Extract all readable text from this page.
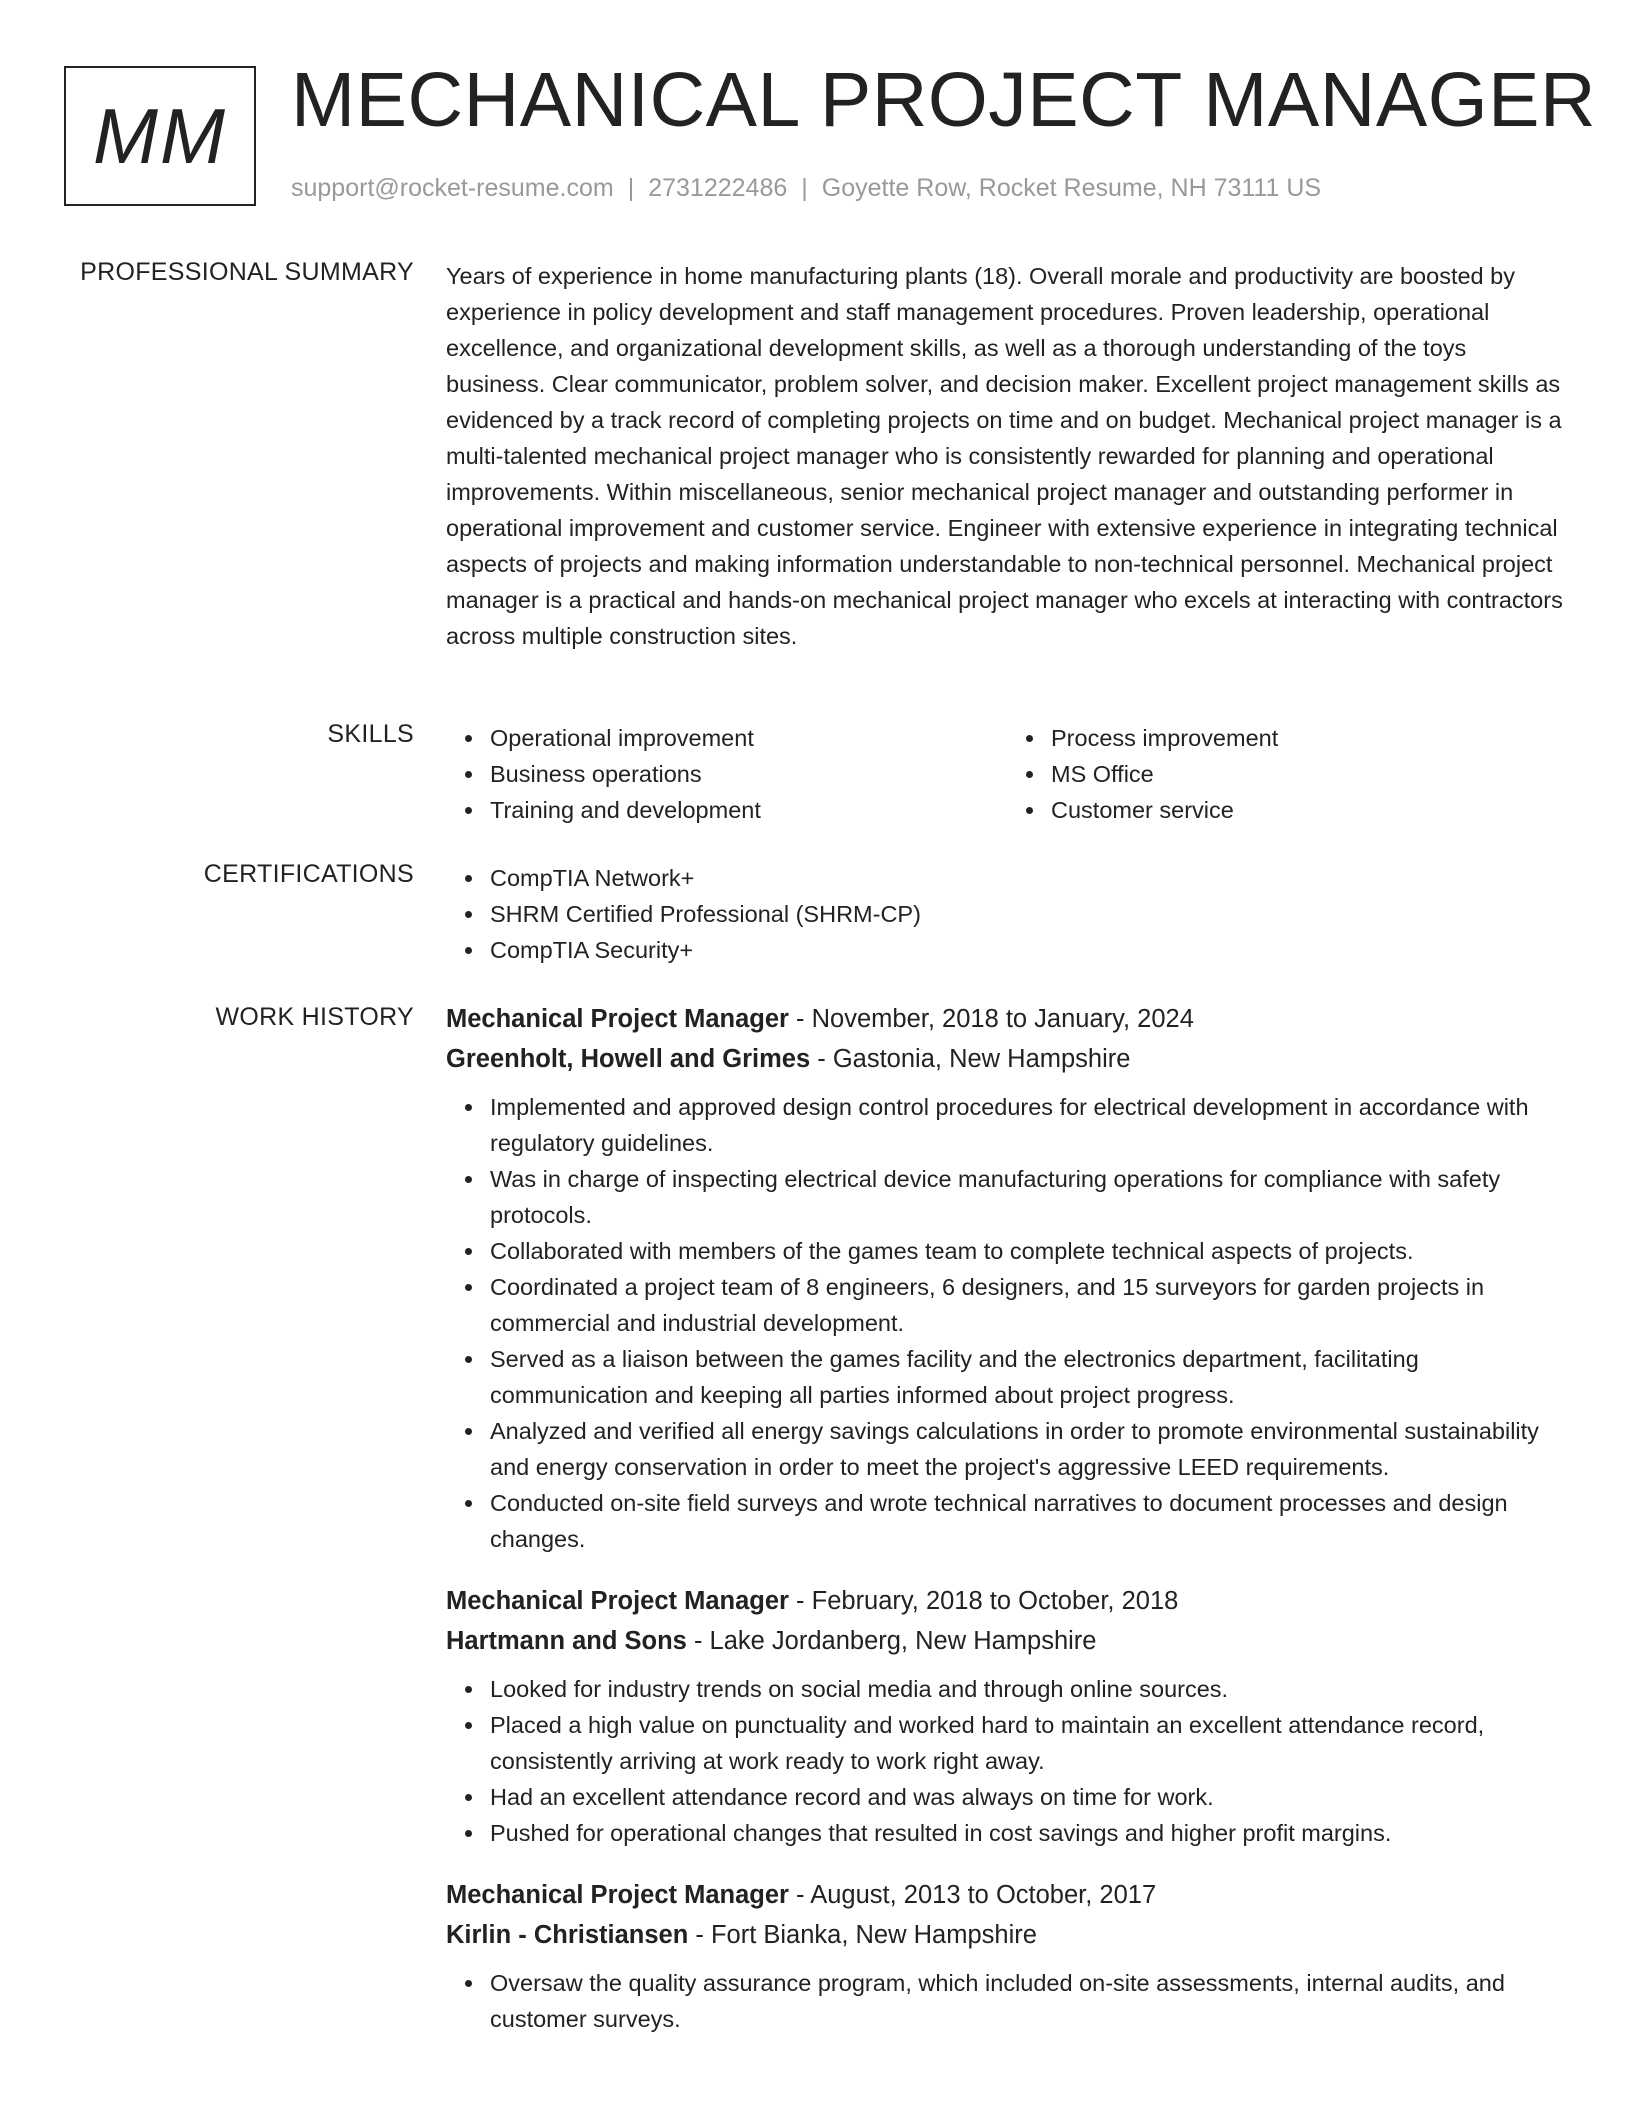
MM MECHANICAL PROJECT MANAGER
support@rocket-resume.com | 2731222486 | Goyette Row, Rocket Resume, NH 73111 US
PROFESSIONAL SUMMARY Years of experience in home manufacturing plants (18). Overall morale and productivity are boosted by experience in policy development and staff management procedures. Proven leadership, operational excellence, and organizational development skills, as well as a thorough understanding of the toys business. Clear communicator, problem solver, and decision maker. Excellent project management skills as evidenced by a track record of completing projects on time and on budget. Mechanical project manager is a multi-talented mechanical project manager who is consistently rewarded for planning and operational improvements. Within miscellaneous, senior mechanical project manager and outstanding performer in operational improvement and customer service. Engineer with extensive experience in integrating technical aspects of projects and making information understandable to non-technical personnel. Mechanical project manager is a practical and hands-on mechanical project manager who excels at interacting with contractors across multiple construction sites.

SKILLS	Operational improvement
Business operations
Training and development
Process improvement
MS Office
Customer service
CERTIFICATIONS	CompTIA Network+
SHRM Certified Professional (SHRM-CP)
CompTIA Security+
WORK HISTORY Mechanical Project Manager - November, 2018 to January, 2024
Greenholt, Howell and Grimes - Gastonia, New Hampshire
Implemented and approved design control procedures for electrical development in accordance with regulatory guidelines.
Was in charge of inspecting electrical device manufacturing operations for compliance with safety protocols.
Collaborated with members of the games team to complete technical aspects of projects.
Coordinated a project team of 8 engineers, 6 designers, and 15 surveyors for garden projects in commercial and industrial development.
Served as a liaison between the games facility and the electronics department, facilitating communication and keeping all parties informed about project progress.
Analyzed and verified all energy savings calculations in order to promote environmental sustainability and energy conservation in order to meet the project's aggressive LEED requirements.
Conducted on-site field surveys and wrote technical narratives to document processes and design changes.
Mechanical Project Manager - February, 2018 to October, 2018
Hartmann and Sons - Lake Jordanberg, New Hampshire
Looked for industry trends on social media and through online sources.
Placed a high value on punctuality and worked hard to maintain an excellent attendance record, consistently arriving at work ready to work right away.
Had an excellent attendance record and was always on time for work.
Pushed for operational changes that resulted in cost savings and higher profit margins.
Mechanical Project Manager - August, 2013 to October, 2017
Kirlin - Christiansen - Fort Bianka, New Hampshire
Oversaw the quality assurance program, which included on-site assessments, internal audits, and customer surveys.
